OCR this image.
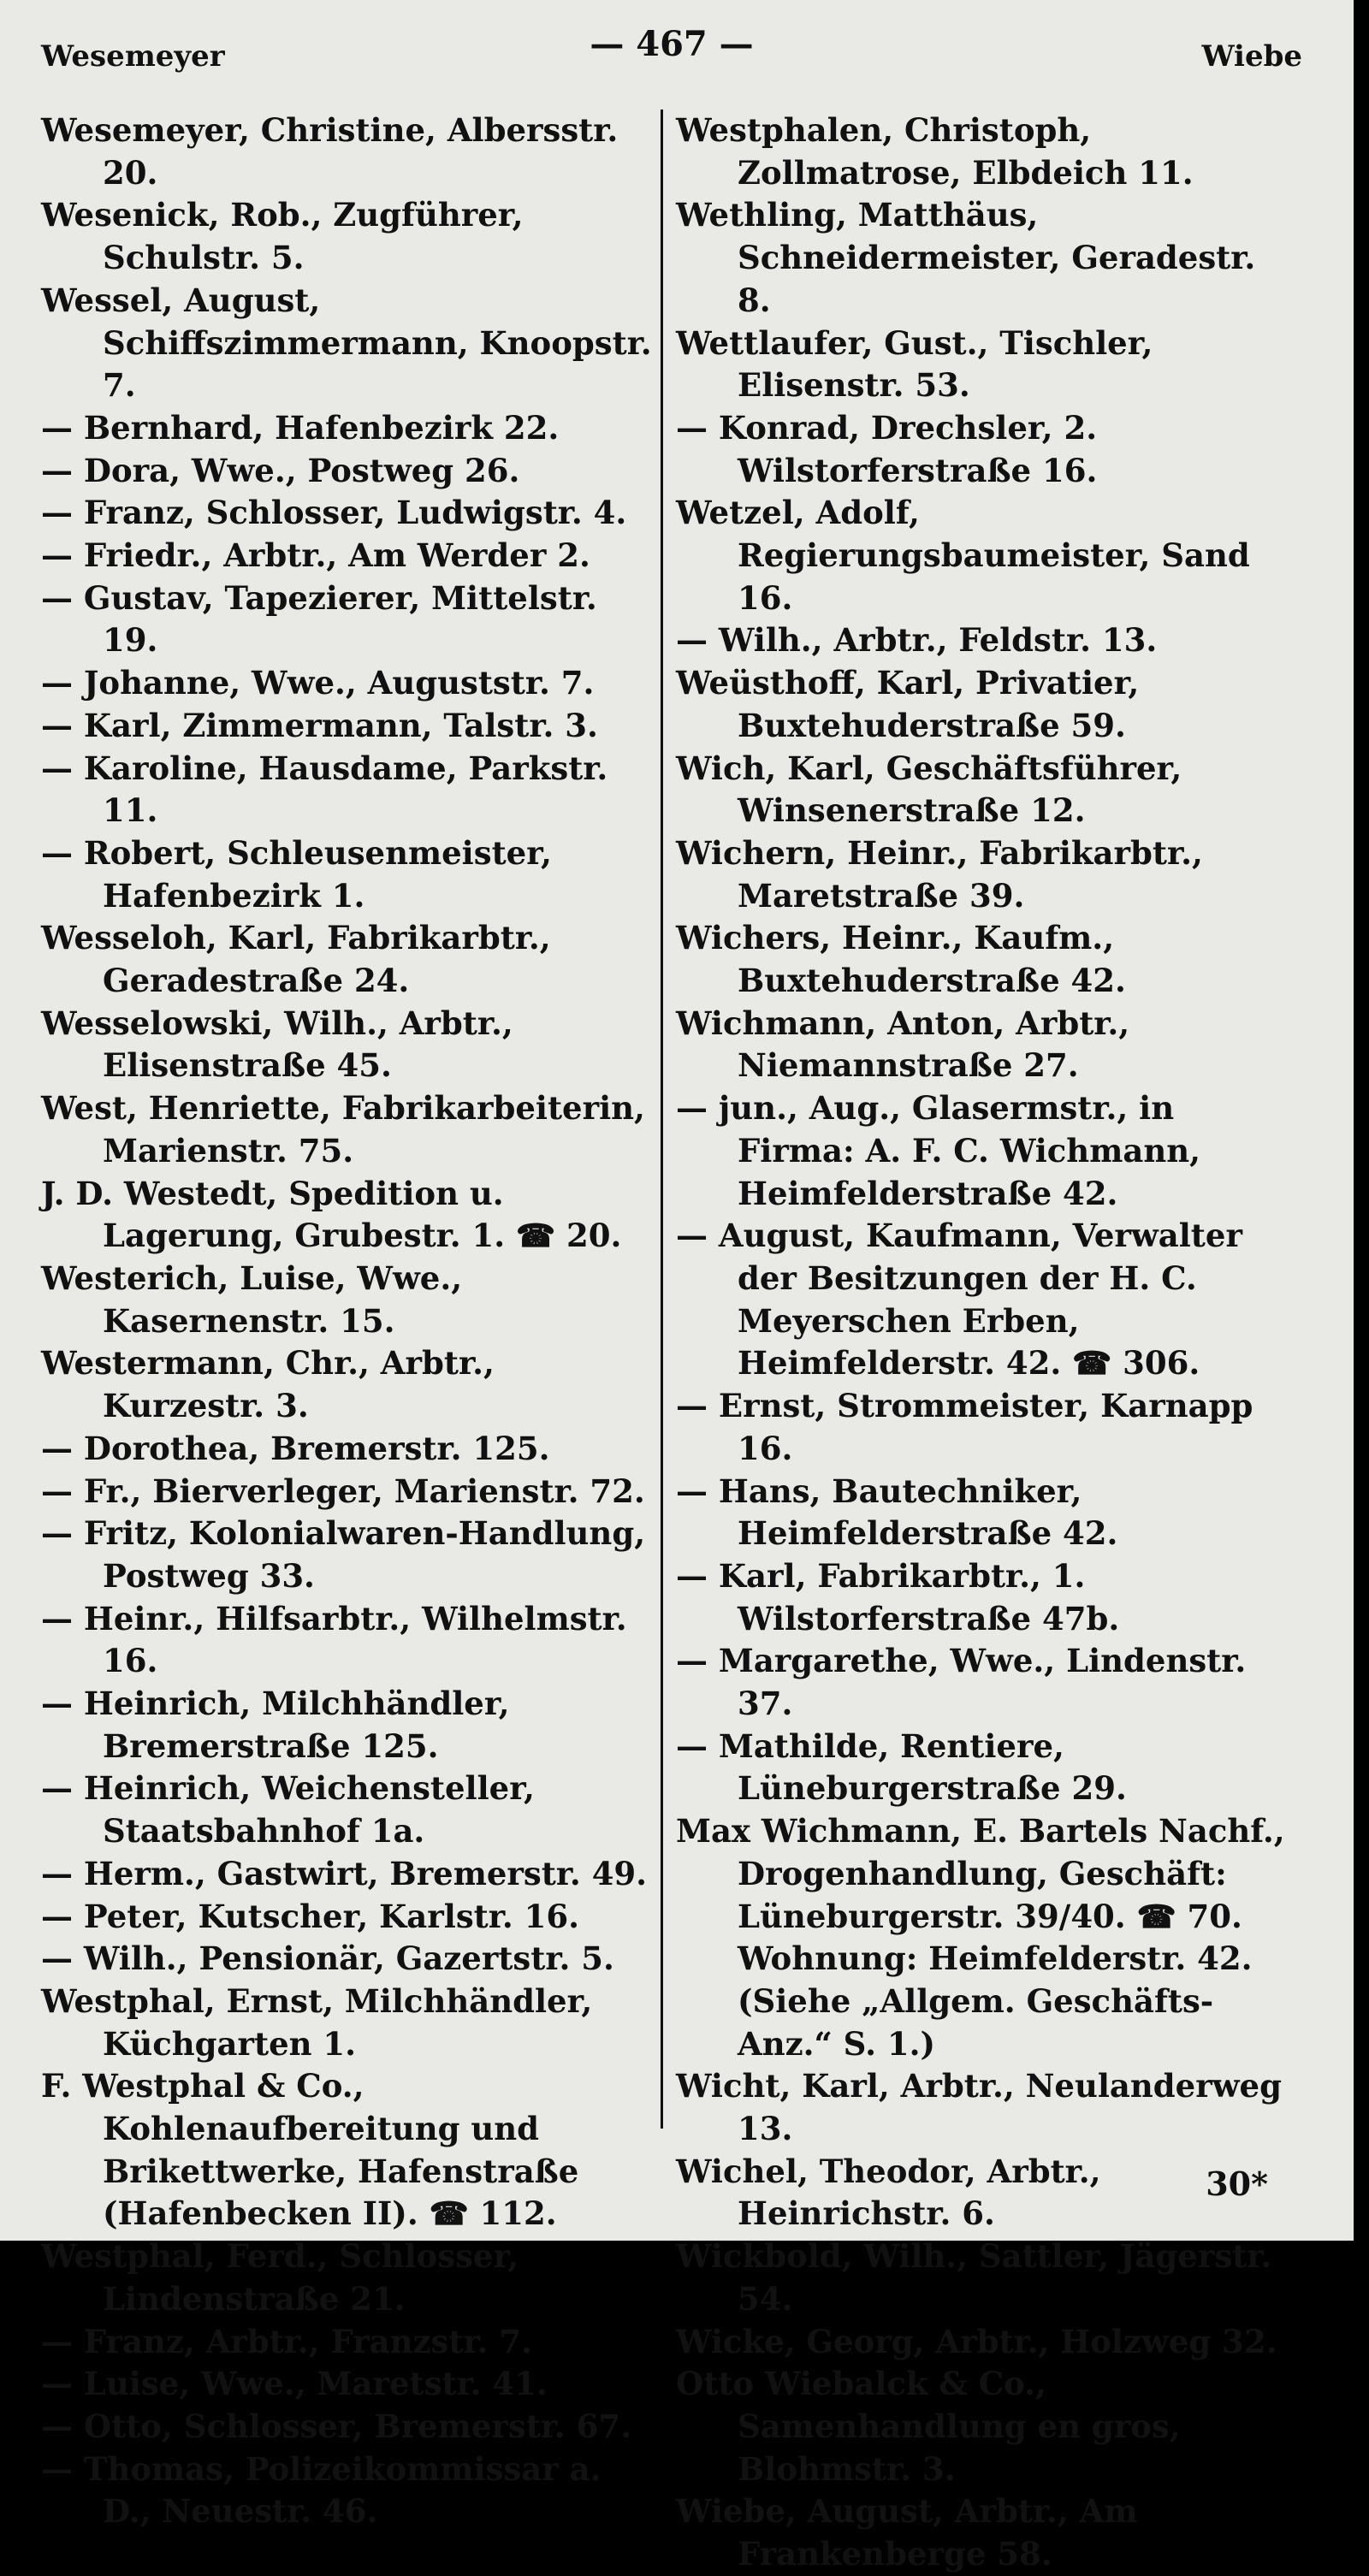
Wesemeyer	— 467 —	Wiebe
Wesemeyer, Christine, Albersstr. 20.
Wesenick, Rob., Zugführer, Schulstr. 5.
Wessel, August, Schiffszimmermann, Knoopstr. 7.
— Bernhard, Hafenbezirk 22.
— Dora, Wwe., Postweg 26.
— Franz, Schlosser, Ludwigstr. 4.
— Friedr., Arbtr., Am Werder 2.
— Gustav, Tapezierer, Mittelstr. 19.
— Johanne, Wwe., Auguststr. 7.
— Karl, Zimmermann, Talstr. 3.
— Karoline, Hausdame, Parkstr. 11.
— Robert, Schleusenmeister, Hafenbezirk 1.
Wesseloh, Karl, Fabrikarbtr., Geradestraße 24.
Wesselowski, Wilh., Arbtr., Elisenstraße 45.
West, Henriette, Fabrikarbeiterin, Marienstr. 75.
J. D. Westedt, Spedition u. Lagerung, Grubestr. 1. ☎ 20.
Westerich, Luise, Wwe., Kasernenstr. 15.
Westermann, Chr., Arbtr., Kurzestr. 3.
— Dorothea, Bremerstr. 125.
— Fr., Bierverleger, Marienstr. 72.
— Fritz, Kolonialwaren-Handlung, Postweg 33.
— Heinr., Hilfsarbtr., Wilhelmstr. 16.
— Heinrich, Milchhändler, Bremerstraße 125.
— Heinrich, Weichensteller, Staatsbahnhof 1a.
— Herm., Gastwirt, Bremerstr. 49.
— Peter, Kutscher, Karlstr. 16.
— Wilh., Pensionär, Gazertstr. 5.
Westphal, Ernst, Milchhändler, Küchgarten 1.
F. Westphal & Co., Kohlenaufbereitung und Brikettwerke, Hafenstraße (Hafenbecken II). ☎ 112.
Westphal, Ferd., Schlosser, Lindenstraße 21.
— Franz, Arbtr., Franzstr. 7.
— Luise, Wwe., Maretstr. 41.
— Otto, Schlosser, Bremerstr. 67.
— Thomas, Polizeikommissar a. D., Neuestr. 46.
Westphalen, Christoph, Zollmatrose, Elbdeich 11.
Wethling, Matthäus, Schneidermeister, Geradestr. 8.
Wettlaufer, Gust., Tischler, Elisenstr. 53.
— Konrad, Drechsler, 2. Wilstorferstraße 16.
Wetzel, Adolf, Regierungsbaumeister, Sand 16.
— Wilh., Arbtr., Feldstr. 13.
Weüsthoff, Karl, Privatier, Buxtehuderstraße 59.
Wich, Karl, Geschäftsführer, Winsenerstraße 12.
Wichern, Heinr., Fabrikarbtr., Maretstraße 39.
Wichers, Heinr., Kaufm., Buxtehuderstraße 42.
Wichmann, Anton, Arbtr., Niemannstraße 27.
— jun., Aug., Glasermstr., in Firma: A. F. C. Wichmann, Heimfelderstraße 42.
— August, Kaufmann, Verwalter der Besitzungen der H. C. Meyerschen Erben, Heimfelderstr. 42. ☎ 306.
— Ernst, Strommeister, Karnapp 16.
— Hans, Bautechniker, Heimfelderstraße 42.
— Karl, Fabrikarbtr., 1. Wilstorferstraße 47b.
— Margarethe, Wwe., Lindenstr. 37.
— Mathilde, Rentiere, Lüneburgerstraße 29.
Max Wichmann, E. Bartels Nachf., Drogenhandlung, Geschäft: Lüneburgerstr. 39/40. ☎ 70. Wohnung: Heimfelderstr. 42. (Siehe „Allgem. Geschäfts-Anz.“ S. 1.)
Wicht, Karl, Arbtr., Neulanderweg 13.
Wichel, Theodor, Arbtr., Heinrichstr. 6.
Wickbold, Wilh., Sattler, Jägerstr. 54.
Wicke, Georg, Arbtr., Holzweg 32.
Otto Wiebalck & Co., Samenhandlung en gros, Blohmstr. 3.
Wiebe, August, Arbtr., Am Frankenberge 58.
30*
